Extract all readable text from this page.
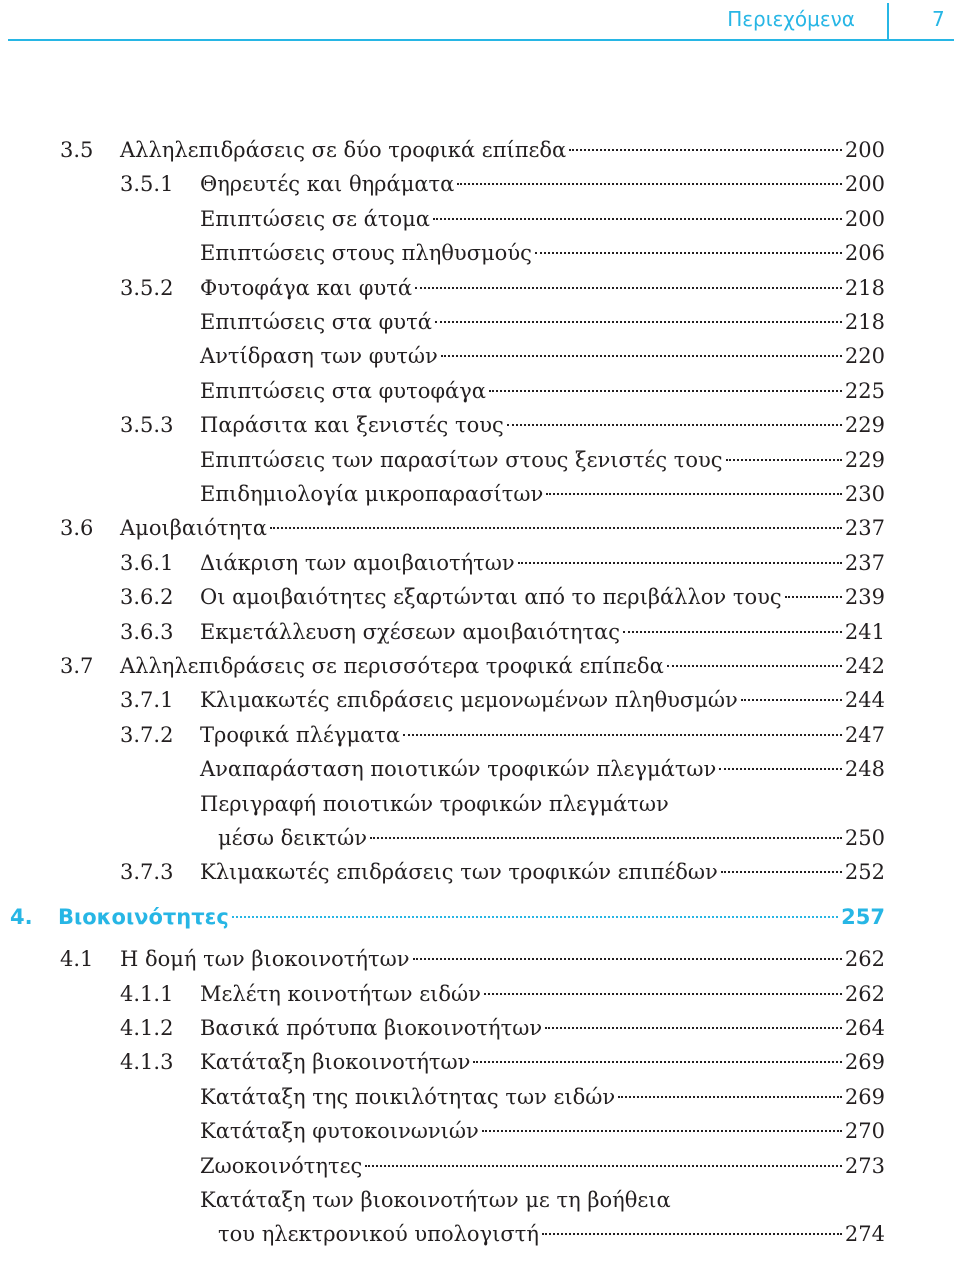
Περιεχόμενα	7
3.5 Αλληλεπιδράσεις σε δύο τροφικά επίπεδα	200
3.5.1 Θηρευτές και θηράματα	200
Επιπτώσεις σε άτομα	200
Επιπτώσεις στους πληθυσμούς	206
3.5.2 Φυτοφάγα και φυτά	218
Επιπτώσεις στα φυτά	218
Αντίδραση των φυτών	220
Επιπτώσεις στα φυτοφάγα	225
3.5.3 Παράσιτα και ξενιστές τους	229
Επιπτώσεις των παρασίτων στους ξενιστές τους	229
Επιδημιολογία μικροπαρασίτων	230
3.6 Αμοιβαιότητα	237
3.6.1 Διάκριση των αμοιβαιοτήτων	237
3.6.2 Οι αμοιβαιότητες εξαρτώνται από το περιβάλλον τους	239
3.6.3 Εκμετάλλευση σχέσεων αμοιβαιότητας	241
3.7 Αλληλεπιδράσεις σε περισσότερα τροφικά επίπεδα	242
3.7.1 Κλιμακωτές επιδράσεις μεμονωμένων πληθυσμών	244
3.7.2 Τροφικά πλέγματα	247
Αναπαράσταση ποιοτικών τροφικών πλεγμάτων	248
Περιγραφή ποιοτικών τροφικών πλεγμάτων
μέσω δεικτών	250
3.7.3 Κλιμακωτές επιδράσεις των τροφικών επιπέδων	252
4. Βιοκοινότητες	257
4.1 Η δομή των βιοκοινοτήτων	262
4.1.1 Μελέτη κοινοτήτων ειδών	262
4.1.2 Βασικά πρότυπα βιοκοινοτήτων	264
4.1.3 Κατάταξη βιοκοινοτήτων	269
Κατάταξη της ποικιλότητας των ειδών	269
Κατάταξη φυτοκοινωνιών	270
Ζωοκοινότητες	273
Κατάταξη των βιοκοινοτήτων με τη βοήθεια
του ηλεκτρονικού υπολογιστή	274
